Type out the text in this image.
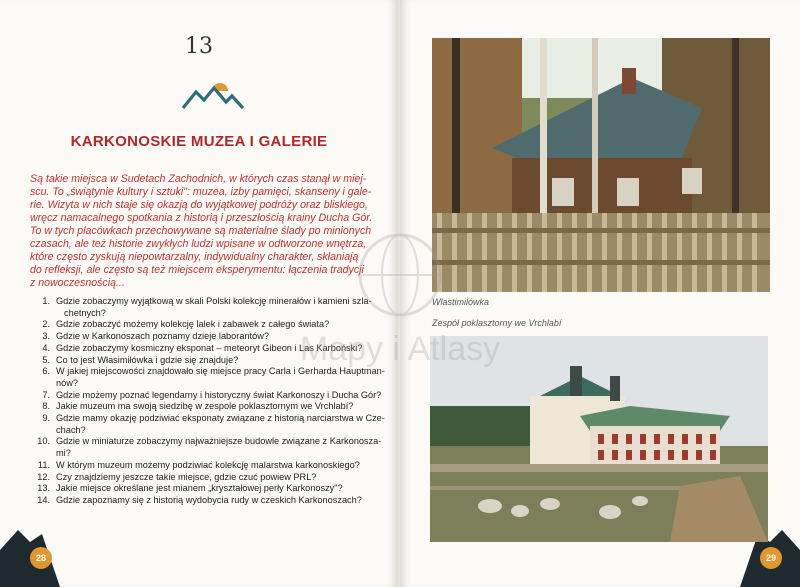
13
KARKONOSKIE MUZEA I GALERIE
Są takie miejsca w Sudetach Zachodnich, w których czas stanął w miej-
scu. To „świątynie kultury i sztuki": muzea, izby pamięci, skanseny i gale-
rie. Wizyta w nich staje się okazją do wyjątkowej podróży oraz bliskiego,
wręcz namacalnego spotkania z historią i przeszłością krainy Ducha Gór.
To w tych placówkach przechowywane są materialne ślady po minionych
czasach, ale też historie zwykłych ludzi wpisane w odtworzone wnętrza,
które często zyskują niepowtarzalny, indywidualny charakter, skłaniają
do refleksji, ale często są też miejscem eksperymentu: łączenia tradycji
z nowoczesnością...
1. Gdzie zobaczymy wyjątkową w skali Polski kolekcję minerałów i kamieni szla-
chetnych?
2. Gdzie zobaczyć możemy kolekcję lalek i zabawek z całego świata?
3. Gdzie w Karkonoszach poznamy dzieje laborantów?
4. Gdzie zobaczymy kosmiczny eksponat – meteoryt Gibeon i Las Karboński?
5. Co to jest Własimiłówka i gdzie się znajduje?
6. W jakiej miejscowości znajdowało się miejsce pracy Carla i Gerharda Hauptman-
nów?
7. Gdzie możemy poznać legendarny i historyczny świat Karkonoszy i Ducha Gór?
8. Jakie muzeum ma swoją siedzibę w zespole poklasztornym we Vrchlabí?
9. Gdzie mamy okazję podziwiać eksponaty związane z historią narciarstwa w Cze-
chach?
10. Gdzie w miniaturze zobaczymy najważniejsze budowle związane z Karkonosza-
mi?
11. W którym muzeum możemy podziwiać kolekcję malarstwa karkonoskiego?
12. Czy znajdziemy jeszcze takie miejsce, gdzie czuć powiew PRL?
13. Jakie miejsce określane jest mianem „kryształowej perły Karkonoszy"?
14. Gdzie zapoznamy się z historią wydobycia rudy w czeskich Karkonoszach?
28
Wlastimilówka
Zespół poklasztorny we Vrchlabí
Mapy i Atlasy
29
